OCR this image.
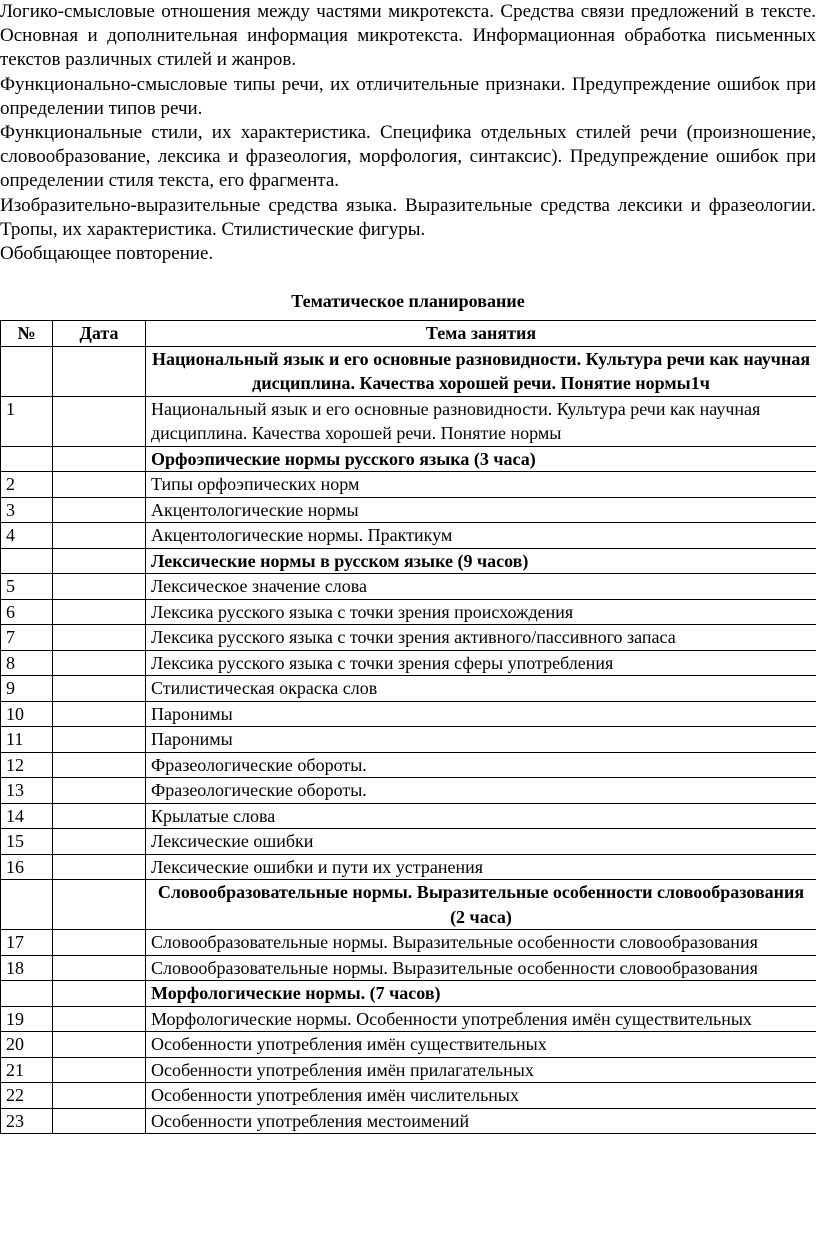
Логико-смысловые отношения между частями микротекста. Средства связи предложений в тексте. Основная и дополнительная информация микротекста. Информационная обработка письменных текстов различных стилей и жанров.

Функционально-смысловые типы речи, их отличительные признаки. Предупреждение ошибок при определении типов речи.

Функциональные стили, их характеристика. Специфика отдельных стилей речи (произношение, словообразование, лексика и фразеология, морфология, синтаксис). Предупреждение ошибок при определении стиля текста, его фрагмента.

Изобразительно-выразительные средства языка. Выразительные средства лексики и фразеологии. Тропы, их характеристика. Стилистические фигуры.

Обобщающее повторение.

Тематическое планирование
№	Дата	Тема занятия
		Национальный язык и его основные разновидности. Культура речи как научная дисциплина. Качества хорошей речи. Понятие нормы1ч
1		Национальный язык и его основные разновидности. Культура речи как научная дисциплина. Качества хорошей речи. Понятие нормы
		Орфоэпические нормы русского языка (3 часа)
2		Типы орфоэпических норм
3		Акцентологические нормы
4		Акцентологические нормы. Практикум
		Лексические нормы в русском языке (9 часов)
5		Лексическое значение слова
6		Лексика русского языка с точки зрения происхождения
7		Лексика русского языка с точки зрения активного/пассивного запаса
8		Лексика русского языка с точки зрения сферы употребления
9		Стилистическая окраска слов
10		Паронимы
11		Паронимы
12		Фразеологические обороты.
13		Фразеологические обороты.
14		Крылатые слова
15		Лексические ошибки
16		Лексические ошибки и пути их устранения
		Словообразовательные нормы. Выразительные особенности словообразования (2 часа)
17		Словообразовательные нормы. Выразительные особенности словообразования
18		Словообразовательные нормы. Выразительные особенности словообразования
		Морфологические нормы. (7 часов)
19		Морфологические нормы. Особенности употребления имён существительных
20		Особенности употребления имён существительных
21		Особенности употребления имён прилагательных
22		Особенности употребления имён числительных
23		Особенности употребления местоимений
